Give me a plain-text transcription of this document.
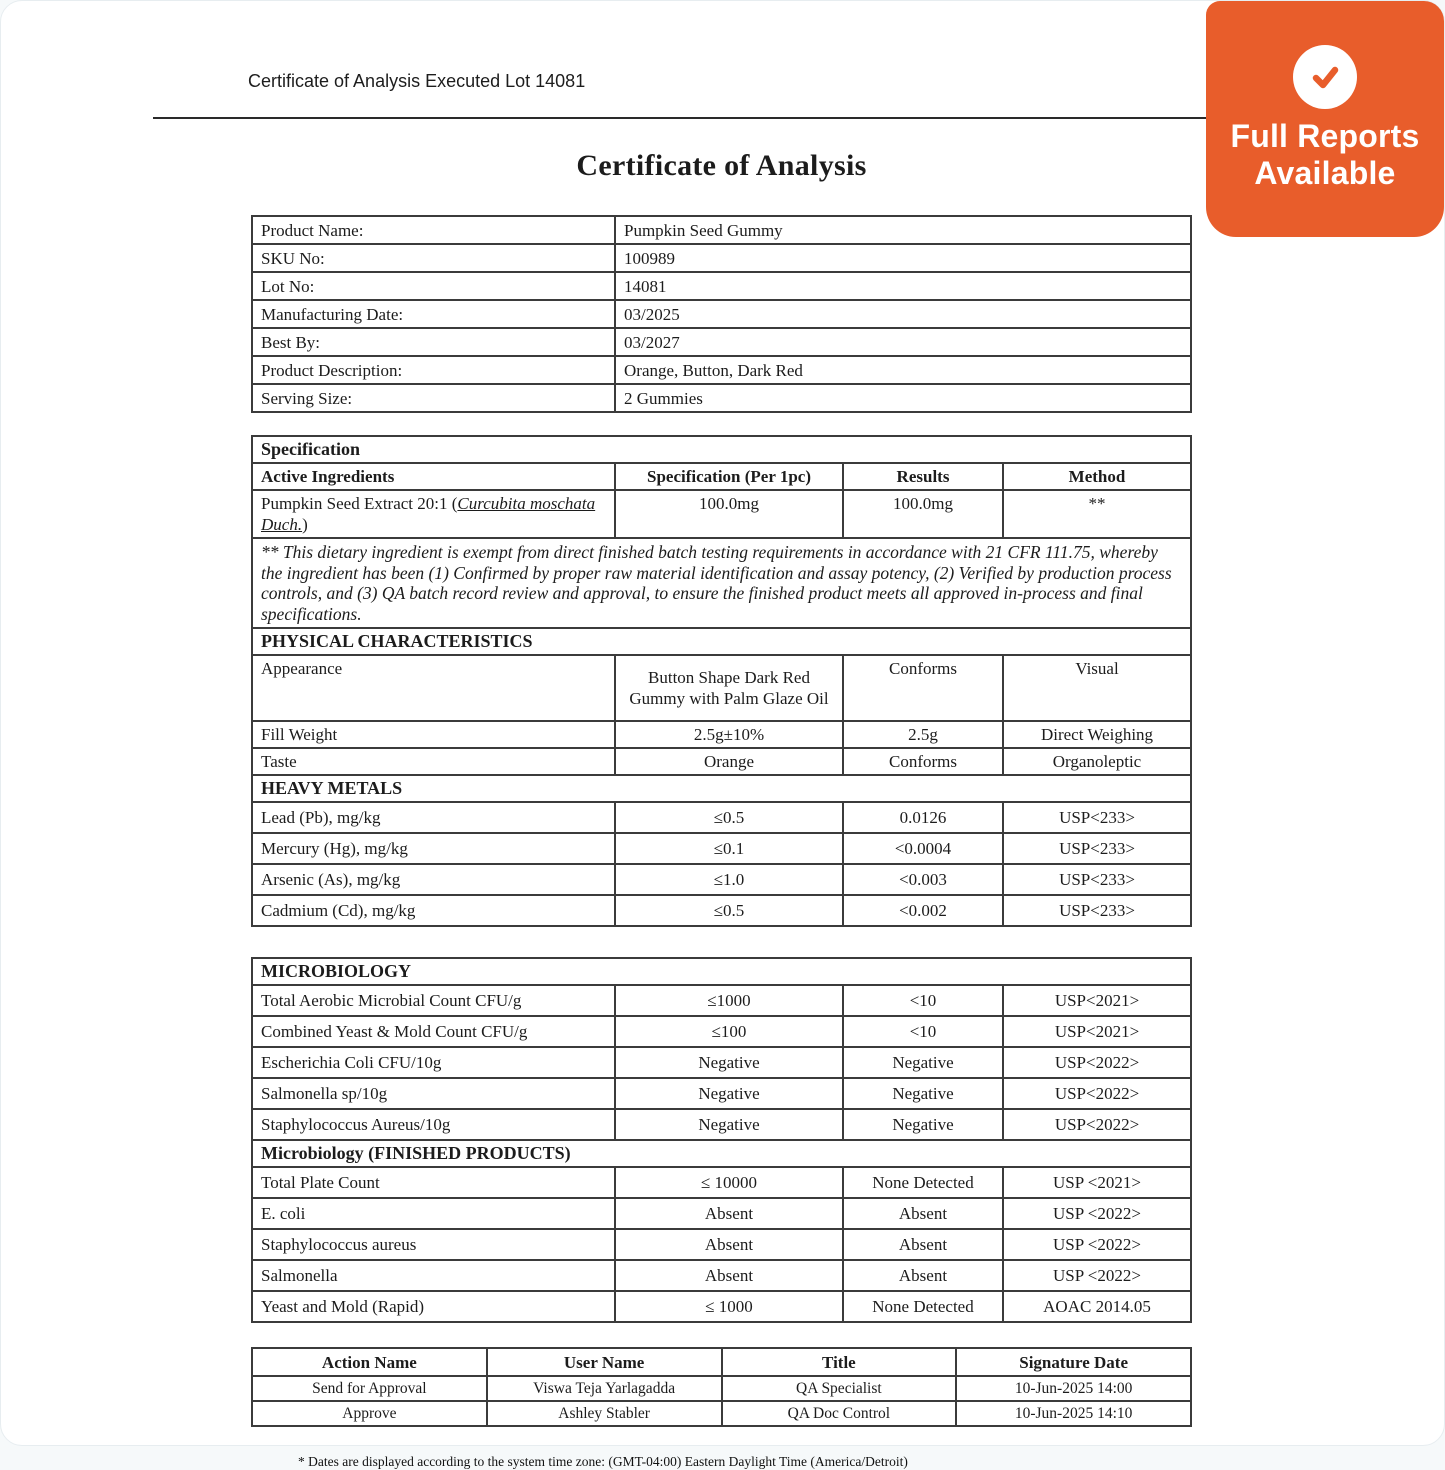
Certificate of Analysis Executed Lot 14081
Full Reports
Available
Certificate of Analysis
Product Name:	Pumpkin Seed Gummy
SKU No:	100989
Lot No:	14081
Manufacturing Date:	03/2025
Best By:	03/2027
Product Description:	Orange, Button, Dark Red
Serving Size:	2 Gummies
Specification			
Active Ingredients	Specification (Per 1pc)	Results	Method
Pumpkin Seed Extract 20:1 (Curcubita moschata Duch.)	100.0mg	100.0mg	**
** This dietary ingredient is exempt from direct finished batch testing requirements in accordance with 21 CFR 111.75, whereby the ingredient has been (1) Confirmed by proper raw material identification and assay potency, (2) Verified by production process controls, and (3) QA batch record review and approval, to ensure the finished product meets all approved in-process and final specifications.			
PHYSICAL CHARACTERISTICS			
Appearance	Button Shape Dark Red Gummy with Palm Glaze Oil	Conforms	Visual
Fill Weight	2.5g±10%	2.5g	Direct Weighing
Taste	Orange	Conforms	Organoleptic
HEAVY METALS			
Lead (Pb), mg/kg	≤0.5	0.0126	USP<233>
Mercury (Hg), mg/kg	≤0.1	<0.0004	USP<233>
Arsenic (As), mg/kg	≤1.0	<0.003	USP<233>
Cadmium (Cd), mg/kg	≤0.5	<0.002	USP<233>
MICROBIOLOGY			
Total Aerobic Microbial Count CFU/g	≤1000	<10	USP<2021>
Combined Yeast & Mold Count CFU/g	≤100	<10	USP<2021>
Escherichia Coli CFU/10g	Negative	Negative	USP<2022>
Salmonella sp/10g	Negative	Negative	USP<2022>
Staphylococcus Aureus/10g	Negative	Negative	USP<2022>
Microbiology (FINISHED PRODUCTS)			
Total Plate Count	≤ 10000	None Detected	USP <2021>
E. coli	Absent	Absent	USP <2022>
Staphylococcus aureus	Absent	Absent	USP <2022>
Salmonella	Absent	Absent	USP <2022>
Yeast and Mold (Rapid)	≤ 1000	None Detected	AOAC 2014.05
Action Name	User Name	Title	Signature Date
Send for Approval	Viswa Teja Yarlagadda	QA Specialist	10-Jun-2025 14:00
Approve	Ashley Stabler	QA Doc Control	10-Jun-2025 14:10
* Dates are displayed according to the system time zone: (GMT-04:00) Eastern Daylight Time (America/Detroit)
